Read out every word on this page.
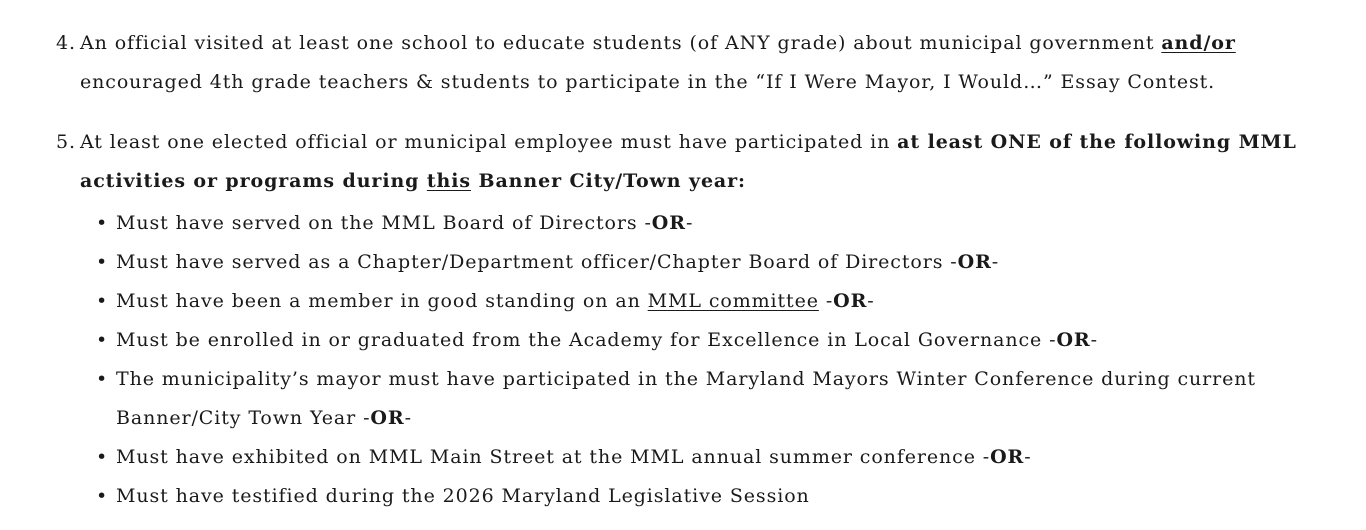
4. An official visited at least one school to educate students (of ANY grade) about municipal government and/or encouraged 4th grade teachers & students to participate in the “If I Were Mayor, I Would…” Essay Contest.
5. At least one elected official or municipal employee must have participated in at least ONE of the following MML activities or programs during this Banner City/Town year:
• Must have served on the MML Board of Directors -OR-
• Must have served as a Chapter/Department officer/Chapter Board of Directors -OR-
• Must have been a member in good standing on an MML committee -OR-
• Must be enrolled in or graduated from the Academy for Excellence in Local Governance -OR-
• The municipality’s mayor must have participated in the Maryland Mayors Winter Conference during current Banner/City Town Year -OR-
• Must have exhibited on MML Main Street at the MML annual summer conference -OR-
• Must have testified during the 2026 Maryland Legislative Session
